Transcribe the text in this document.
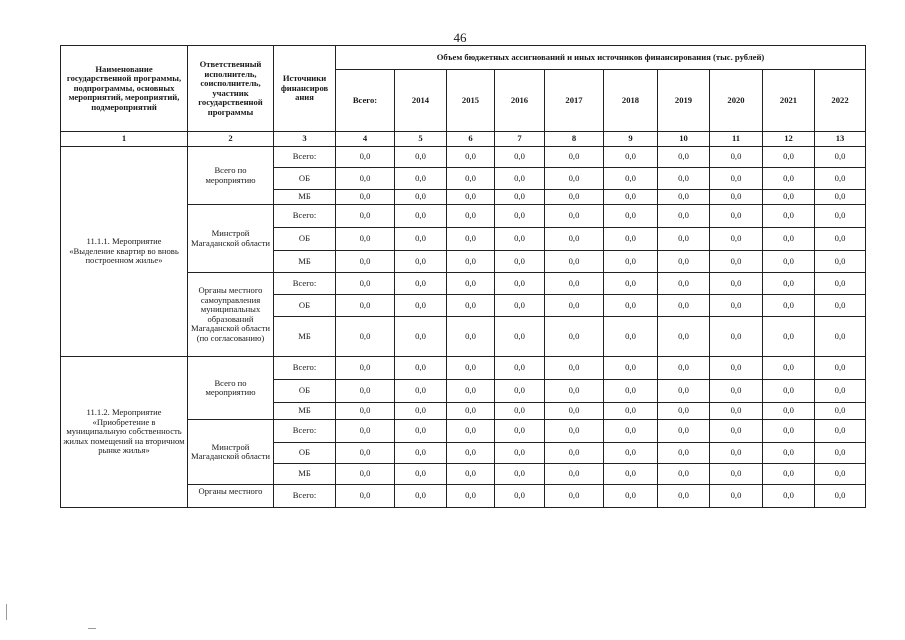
46
Наименование государственной программы, подпрограммы, основных мероприятий, мероприятий, подмероприятий	Ответственный исполнитель, соисполнитель, участник государственной программы	Источники финансиров ания	Объем бюджетных ассигнований и иных источников финансирования (тыс. рублей)									
			Всего:	2014	2015	2016	2017	2018	2019	2020	2021	2022
1	2	3	4	5	6	7	8	9	10	11	12	13
11.1.1. Мероприятие «Выделение квартир во вновь построенном жилье»	Всего по мероприятию	Всего:	0,0	0,0	0,0	0,0	0,0	0,0	0,0	0,0	0,0	0,0
		ОБ	0,0	0,0	0,0	0,0	0,0	0,0	0,0	0,0	0,0	0,0
		МБ	0,0	0,0	0,0	0,0	0,0	0,0	0,0	0,0	0,0	0,0
	Минстрой Магаданской области	Всего:	0,0	0,0	0,0	0,0	0,0	0,0	0,0	0,0	0,0	0,0
		ОБ	0,0	0,0	0,0	0,0	0,0	0,0	0,0	0,0	0,0	0,0
		МБ	0,0	0,0	0,0	0,0	0,0	0,0	0,0	0,0	0,0	0,0
	Органы местного самоуправления муниципальных образований Магаданской области (по согласованию)	Всего:	0,0	0,0	0,0	0,0	0,0	0,0	0,0	0,0	0,0	0,0
		ОБ	0,0	0,0	0,0	0,0	0,0	0,0	0,0	0,0	0,0	0,0
		МБ	0,0	0,0	0,0	0,0	0,0	0,0	0,0	0,0	0,0	0,0
11.1.2. Мероприятие «Приобретение в муниципальную собственность жилых помещений на вторичном рынке жилья»	Всего по мероприятию	Всего:	0,0	0,0	0,0	0,0	0,0	0,0	0,0	0,0	0,0	0,0
		ОБ	0,0	0,0	0,0	0,0	0,0	0,0	0,0	0,0	0,0	0,0
		МБ	0,0	0,0	0,0	0,0	0,0	0,0	0,0	0,0	0,0	0,0
	Минстрой Магаданской области	Всего:	0,0	0,0	0,0	0,0	0,0	0,0	0,0	0,0	0,0	0,0
		ОБ	0,0	0,0	0,0	0,0	0,0	0,0	0,0	0,0	0,0	0,0
		МБ	0,0	0,0	0,0	0,0	0,0	0,0	0,0	0,0	0,0	0,0
	Органы местного	Всего:	0,0	0,0	0,0	0,0	0,0	0,0	0,0	0,0	0,0	0,0
